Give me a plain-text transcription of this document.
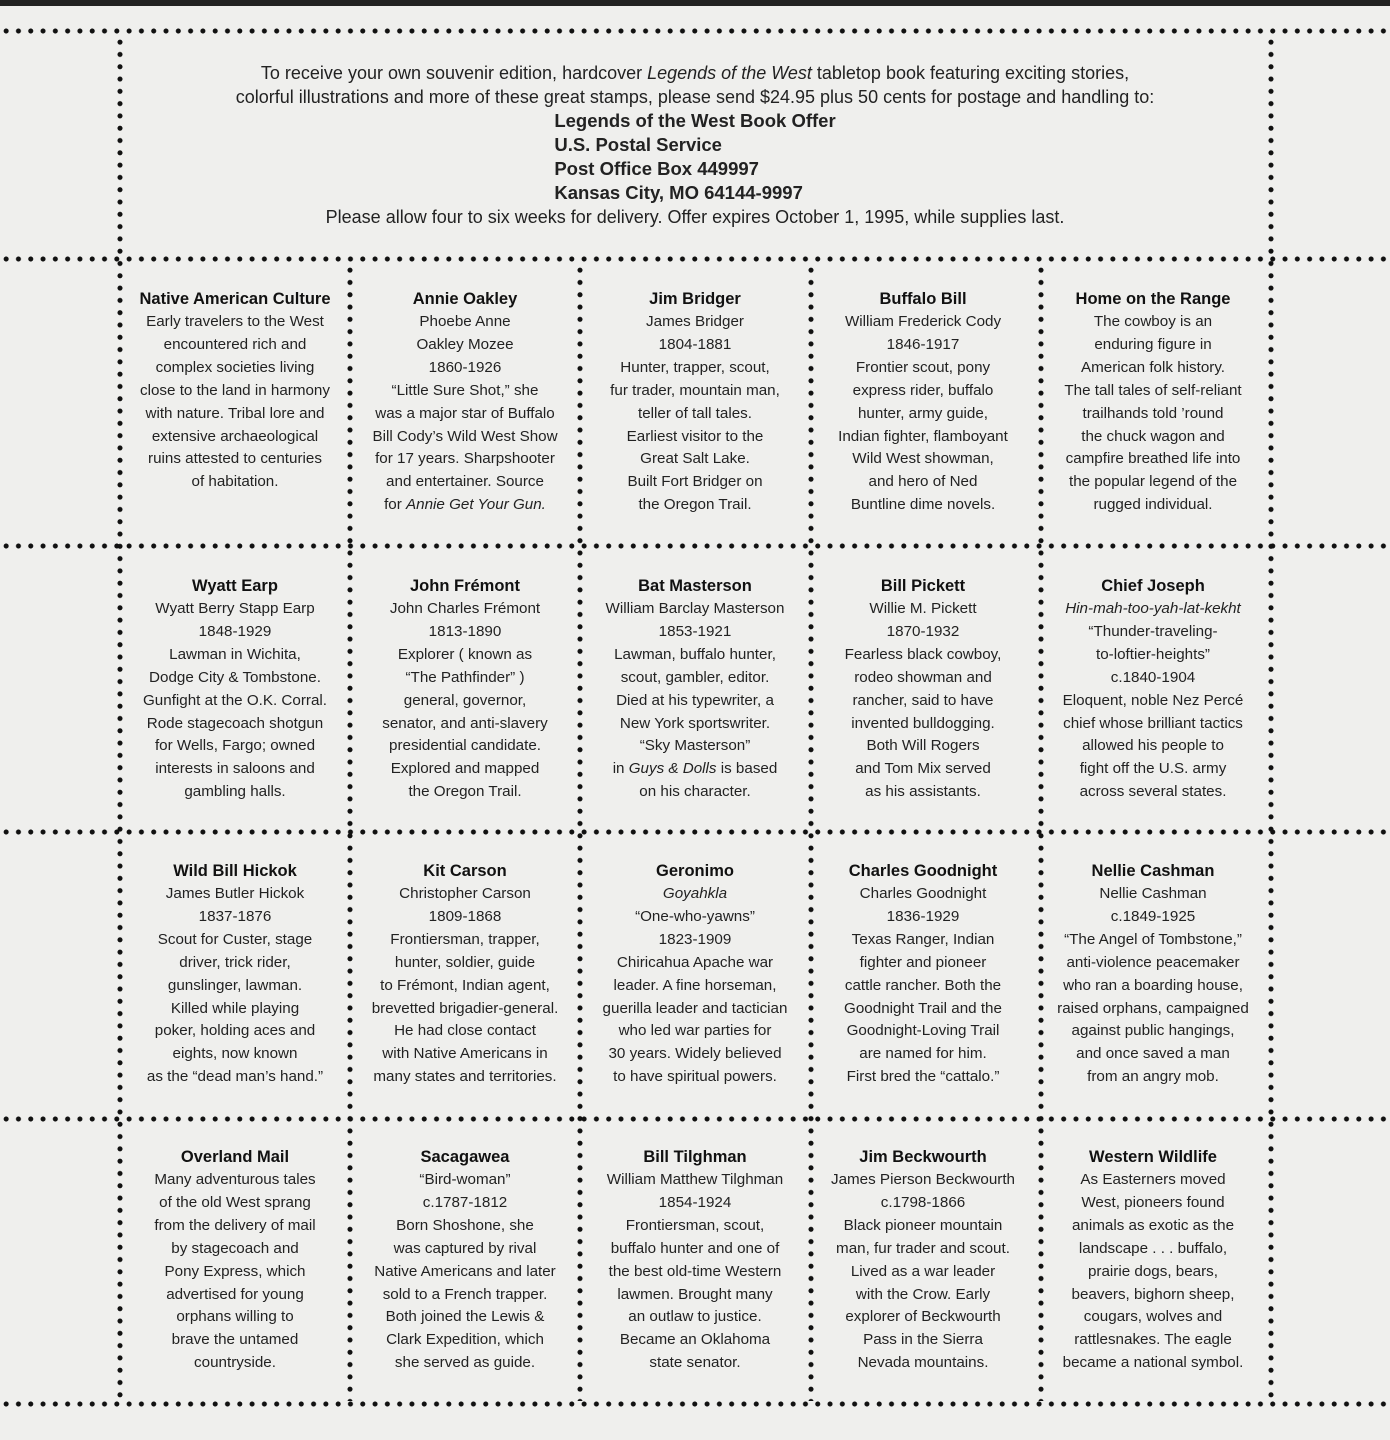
To receive your own souvenir edition, hardcover Legends of the West tabletop book featuring exciting stories,
colorful illustrations and more of these great stamps, please send $24.95 plus 50 cents for postage and handling to:
Legends of the West Book Offer
U.S. Postal Service
Post Office Box 449997
Kansas City, MO 64144-9997
Please allow four to six weeks for delivery. Offer expires October 1, 1995, while supplies last.
Native American Culture
Early travelers to the West
encountered rich and
complex societies living
close to the land in harmony
with nature. Tribal lore and
extensive archaeological
ruins attested to centuries
of habitation.
Annie Oakley
Phoebe Anne
Oakley Mozee
1860-1926
“Little Sure Shot,” she
was a major star of Buffalo
Bill Cody’s Wild West Show
for 17 years. Sharpshooter
and entertainer. Source
for Annie Get Your Gun.
Jim Bridger
James Bridger
1804-1881
Hunter, trapper, scout,
fur trader, mountain man,
teller of tall tales.
Earliest visitor to the
Great Salt Lake.
Built Fort Bridger on
the Oregon Trail.
Buffalo Bill
William Frederick Cody
1846-1917
Frontier scout, pony
express rider, buffalo
hunter, army guide,
Indian fighter, flamboyant
Wild West showman,
and hero of Ned
Buntline dime novels.
Home on the Range
The cowboy is an
enduring figure in
American folk history.
The tall tales of self-reliant
trailhands told ’round
the chuck wagon and
campfire breathed life into
the popular legend of the
rugged individual.
Wyatt Earp
Wyatt Berry Stapp Earp
1848-1929
Lawman in Wichita,
Dodge City & Tombstone.
Gunfight at the O.K. Corral.
Rode stagecoach shotgun
for Wells, Fargo; owned
interests in saloons and
gambling halls.
John Frémont
John Charles Frémont
1813-1890
Explorer ( known as
“The Pathfinder” )
general, governor,
senator, and anti-slavery
presidential candidate.
Explored and mapped
the Oregon Trail.
Bat Masterson
William Barclay Masterson
1853-1921
Lawman, buffalo hunter,
scout, gambler, editor.
Died at his typewriter, a
New York sportswriter.
“Sky Masterson”
in Guys & Dolls is based
on his character.
Bill Pickett
Willie M. Pickett
1870-1932
Fearless black cowboy,
rodeo showman and
rancher, said to have
invented bulldogging.
Both Will Rogers
and Tom Mix served
as his assistants.
Chief Joseph
Hin-mah-too-yah-lat-kekht
“Thunder-traveling-
to-loftier-heights”
c.1840-1904
Eloquent, noble Nez Percé
chief whose brilliant tactics
allowed his people to
fight off the U.S. army
across several states.
Wild Bill Hickok
James Butler Hickok
1837-1876
Scout for Custer, stage
driver, trick rider,
gunslinger, lawman.
Killed while playing
poker, holding aces and
eights, now known
as the “dead man’s hand.”
Kit Carson
Christopher Carson
1809-1868
Frontiersman, trapper,
hunter, soldier, guide
to Frémont, Indian agent,
brevetted brigadier-general.
He had close contact
with Native Americans in
many states and territories.
Geronimo
Goyahkla
“One-who-yawns”
1823-1909
Chiricahua Apache war
leader. A fine horseman,
guerilla leader and tactician
who led war parties for
30 years. Widely believed
to have spiritual powers.
Charles Goodnight
Charles Goodnight
1836-1929
Texas Ranger, Indian
fighter and pioneer
cattle rancher. Both the
Goodnight Trail and the
Goodnight-Loving Trail
are named for him.
First bred the “cattalo.”
Nellie Cashman
Nellie Cashman
c.1849-1925
“The Angel of Tombstone,”
anti-violence peacemaker
who ran a boarding house,
raised orphans, campaigned
against public hangings,
and once saved a man
from an angry mob.
Overland Mail
Many adventurous tales
of the old West sprang
from the delivery of mail
by stagecoach and
Pony Express, which
advertised for young
orphans willing to
brave the untamed
countryside.
Sacagawea
“Bird-woman”
c.1787-1812
Born Shoshone, she
was captured by rival
Native Americans and later
sold to a French trapper.
Both joined the Lewis &
Clark Expedition, which
she served as guide.
Bill Tilghman
William Matthew Tilghman
1854-1924
Frontiersman, scout,
buffalo hunter and one of
the best old-time Western
lawmen. Brought many
an outlaw to justice.
Became an Oklahoma
state senator.
Jim Beckwourth
James Pierson Beckwourth
c.1798-1866
Black pioneer mountain
man, fur trader and scout.
Lived as a war leader
with the Crow. Early
explorer of Beckwourth
Pass in the Sierra
Nevada mountains.
Western Wildlife
As Easterners moved
West, pioneers found
animals as exotic as the
landscape . . . buffalo,
prairie dogs, bears,
beavers, bighorn sheep,
cougars, wolves and
rattlesnakes. The eagle
became a national symbol.
